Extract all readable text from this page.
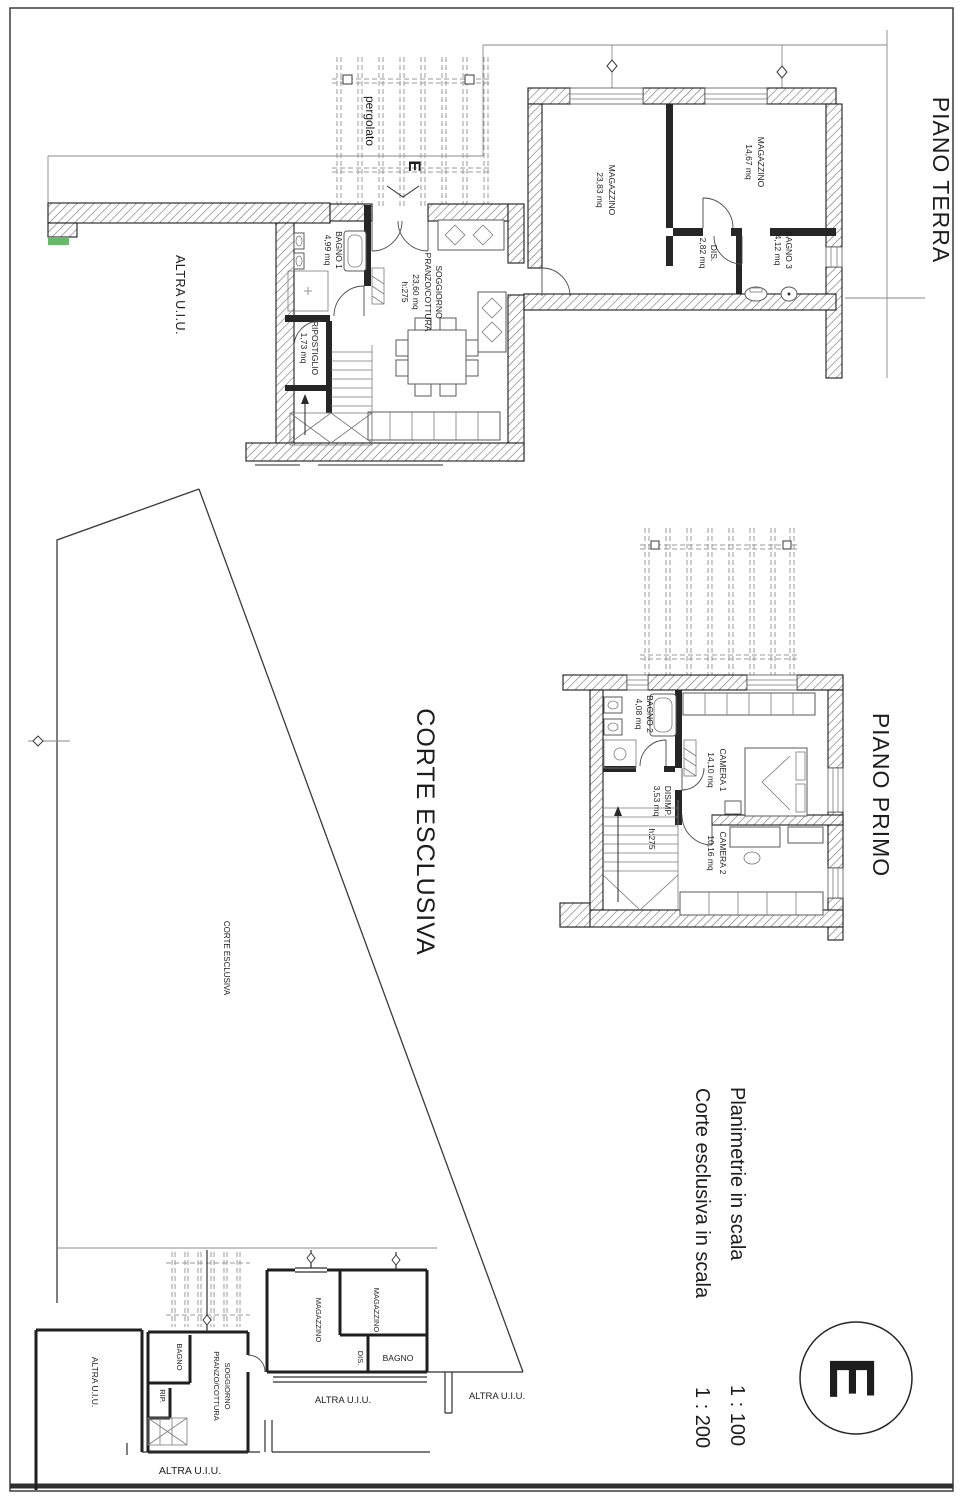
pergolato
E
BAGNO 1
4,99 mq
RIPOSTIGLIO
1,73 mq
SOGGIORNO
PRANZO/COTTURA
23,60 mq
h:275
MAGAZZINO
23,83 mq
MAGAZZINO
14,67 mq
DIS.
2,82 mq	BAGNO 3
4,12 mq
ALTRA U.I.U.
PIANO TERRA
BAGNO 2
4,08 mq
CAMERA 1
14,10 mq
DISIMP.
3,53 mq
h:275	CAMERA 2
10,16 mq	PIANO PRIMO
CORTE ESCLUSIVA
CORTE ESCLUSIVA
MAGAZZINO	MAGAZZINO
DIS. BAGNO
BAGNO
RIP.	SOGGIORNO
PRANZO/COTTURA
ALTRA U.I.U.	ALTRA U.I.U.	ALTRA U.I.U.
ALTRA U.I.U.
Planimetrie in scala
1 : 100
Corte esclusiva in scala
1 : 200
E
